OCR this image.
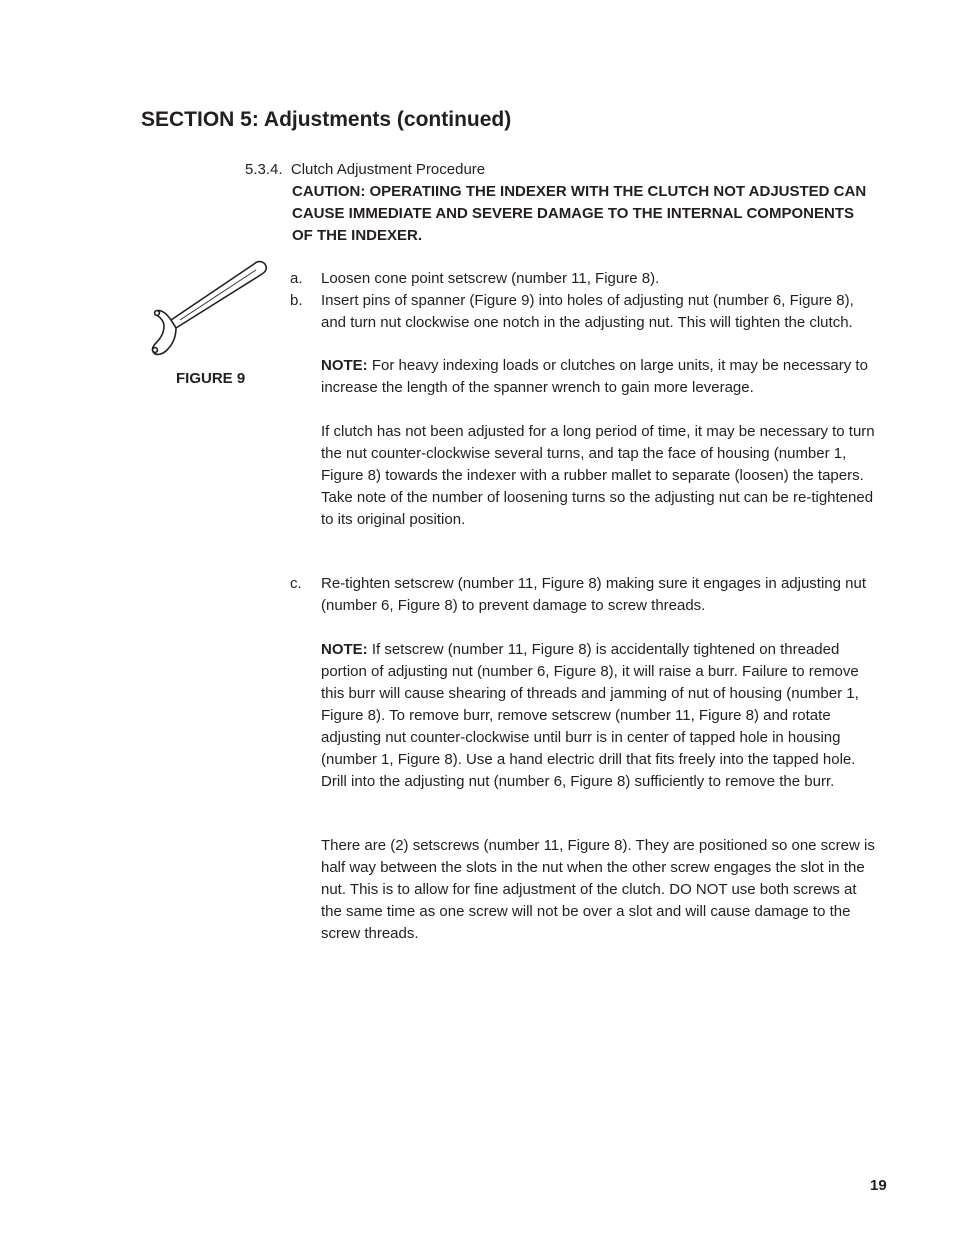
SECTION 5: Adjustments (continued)
5.3.4. Clutch Adjustment Procedure
CAUTION: OPERATIING THE INDEXER WITH THE CLUTCH NOT ADJUSTED CAN CAUSE IMMEDIATE AND SEVERE DAMAGE TO THE INTERNAL COMPONENTS OF THE INDEXER.
FIGURE 9
a.	Loosen cone point setscrew (number 11, Figure 8).
b.	Insert pins of spanner (Figure 9) into holes of adjusting nut (number 6, Figure 8), and turn nut clockwise one notch in the adjusting nut. This will tighten the clutch.
NOTE: For heavy indexing loads or clutches on large units, it may be necessary to increase the length of the spanner wrench to gain more leverage.
If clutch has not been adjusted for a long period of time, it may be necessary to turn the nut counter-clockwise several turns, and tap the face of housing (number 1, Figure 8) towards the indexer with a rubber mallet to separate (loosen) the tapers. Take note of the number of loosening turns so the adjusting nut can be re-tightened to its original position.
c.	Re-tighten setscrew (number 11, Figure 8) making sure it engages in adjusting nut (number 6, Figure 8) to prevent damage to screw threads.
NOTE: If setscrew (number 11, Figure 8) is accidentally tightened on threaded portion of adjusting nut (number 6, Figure 8), it will raise a burr. Failure to remove this burr will cause shearing of threads and jamming of nut of housing (number 1, Figure 8). To remove burr, remove setscrew (number 11, Figure 8) and rotate adjusting nut counter-clockwise until burr is in center of tapped hole in housing (number 1, Figure 8). Use a hand electric drill that fits freely into the tapped hole. Drill into the adjusting nut (number 6, Figure 8) sufficiently to remove the burr.
There are (2) setscrews (number 11, Figure 8). They are positioned so one screw is half way between the slots in the nut when the other screw engages the slot in the nut. This is to allow for fine adjustment of the clutch. DO NOT use both screws at the same time as one screw will not be over a slot and will cause damage to the screw threads.
19
